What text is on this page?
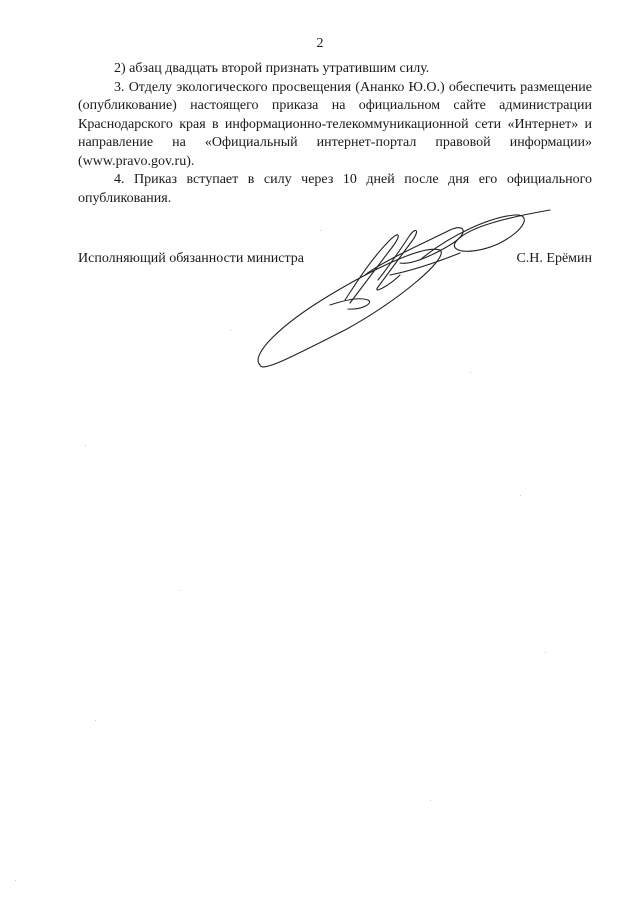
2

2) абзац двадцать второй признать утратившим силу.

3. Отделу экологического просвещения (Ананко Ю.О.) обеспечить размещение (опубликование) настоящего приказа на официальном сайте администрации Краснодарского края в информационно-телекоммуникационной сети «Интернет» и направление на «Официальный интернет-портал правовой информации» (www.pravo.gov.ru).

4. Приказ вступает в силу через 10 дней после дня его официального опубликования.

Исполняющий обязанности министра	С.Н. Ерёмин
